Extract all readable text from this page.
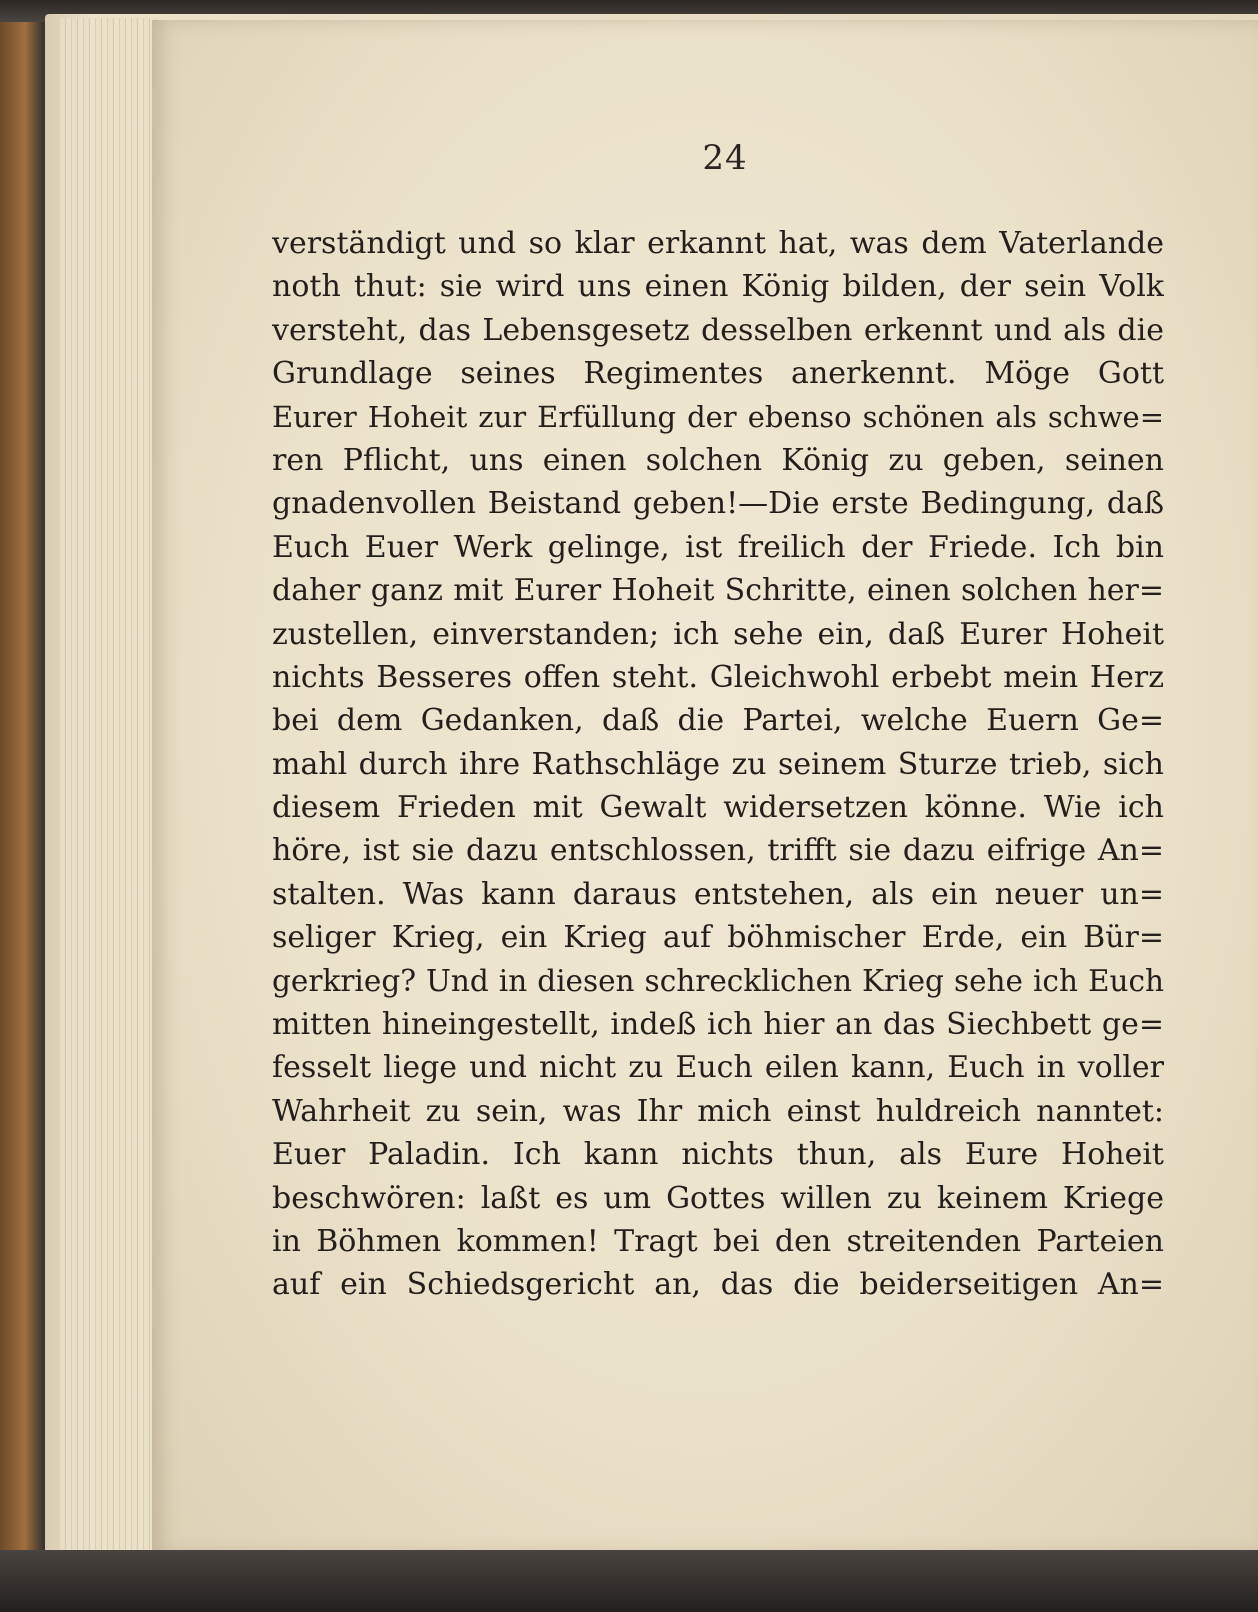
24
verständigt und so klar erkannt hat, was dem Vaterlande
noth thut: sie wird uns einen König bilden, der sein Volk
versteht, das Lebensgesetz desselben erkennt und als die
Grundlage seines Regimentes anerkennt. Möge Gott
Eurer Hoheit zur Erfüllung der ebenso schönen als schwe=
ren Pflicht, uns einen solchen König zu geben, seinen
gnadenvollen Beistand geben!—Die erste Bedingung, daß
Euch Euer Werk gelinge, ist freilich der Friede. Ich bin
daher ganz mit Eurer Hoheit Schritte, einen solchen her=
zustellen, einverstanden; ich sehe ein, daß Eurer Hoheit
nichts Besseres offen steht. Gleichwohl erbebt mein Herz
bei dem Gedanken, daß die Partei, welche Euern Ge=
mahl durch ihre Rathschläge zu seinem Sturze trieb, sich
diesem Frieden mit Gewalt widersetzen könne. Wie ich
höre, ist sie dazu entschlossen, trifft sie dazu eifrige An=
stalten. Was kann daraus entstehen, als ein neuer un=
seliger Krieg, ein Krieg auf böhmischer Erde, ein Bür=
gerkrieg? Und in diesen schrecklichen Krieg sehe ich Euch
mitten hineingestellt, indeß ich hier an das Siechbett ge=
fesselt liege und nicht zu Euch eilen kann, Euch in voller
Wahrheit zu sein, was Ihr mich einst huldreich nanntet:
Euer Paladin. Ich kann nichts thun, als Eure Hoheit
beschwören: laßt es um Gottes willen zu keinem Kriege
in Böhmen kommen! Tragt bei den streitenden Parteien
auf ein Schiedsgericht an, das die beiderseitigen An=
